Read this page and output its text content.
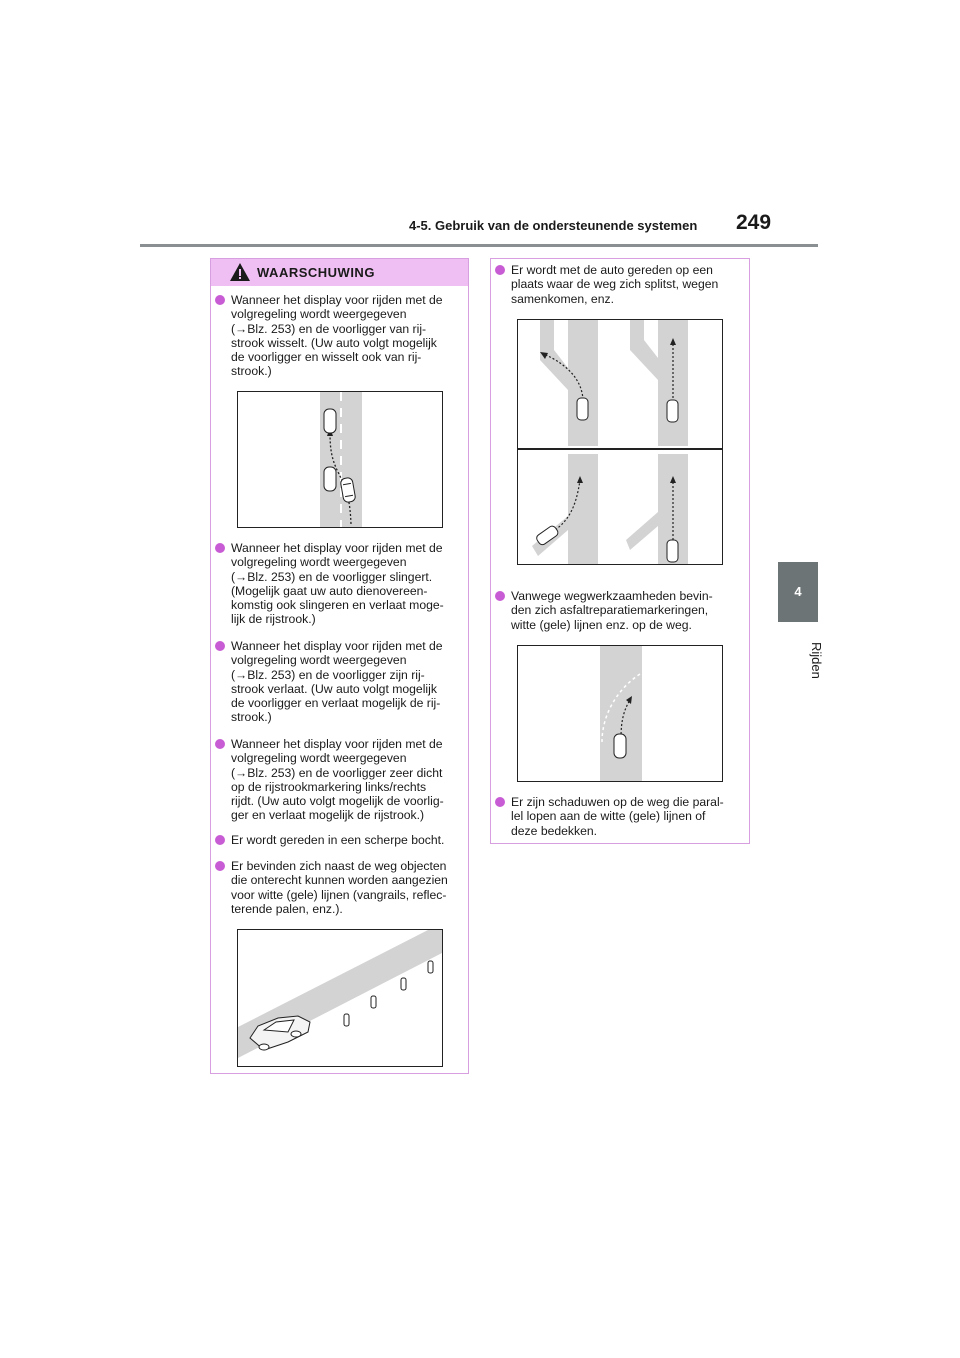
4-5. Gebruik van de ondersteunende systemen 249
4
Rijden
WAARSCHUWING
Wanneer het display voor rijden met de
volgregeling wordt weergegeven
(→Blz. 253) en de voorligger van rij-
strook wisselt. (Uw auto volgt mogelijk
de voorligger en wisselt ook van rij-
strook.)
Wanneer het display voor rijden met de
volgregeling wordt weergegeven
(→Blz. 253) en de voorligger slingert.
(Mogelijk gaat uw auto dienovereen-
komstig ook slingeren en verlaat moge-
lijk de rijstrook.)
Wanneer het display voor rijden met de
volgregeling wordt weergegeven
(→Blz. 253) en de voorligger zijn rij-
strook verlaat. (Uw auto volgt mogelijk
de voorligger en verlaat mogelijk de rij-
strook.)
Wanneer het display voor rijden met de
volgregeling wordt weergegeven
(→Blz. 253) en de voorligger zeer dicht
op de rijstrookmarkering links/rechts
rijdt. (Uw auto volgt mogelijk de voorlig-
ger en verlaat mogelijk de rijstrook.)
Er wordt gereden in een scherpe bocht.
Er bevinden zich naast de weg objecten
die onterecht kunnen worden aangezien
voor witte (gele) lijnen (vangrails, reflec-
terende palen, enz.).
Er wordt met de auto gereden op een
plaats waar de weg zich splitst, wegen
samenkomen, enz.
Vanwege wegwerkzaamheden bevin-
den zich asfaltreparatiemarkeringen,
witte (gele) lijnen enz. op de weg.
Er zijn schaduwen op de weg die paral-
lel lopen aan de witte (gele) lijnen of
deze bedekken.
